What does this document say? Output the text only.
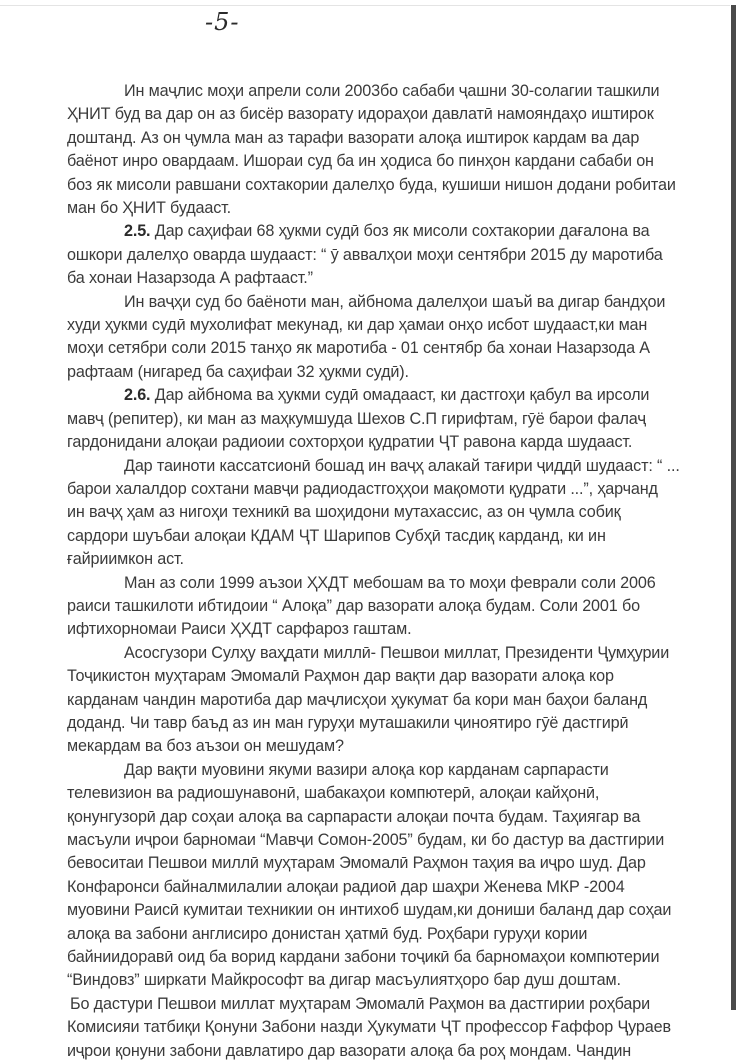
-5-
Ин маҷлис моҳи апрели соли 2003бо сабаби ҷашни 30-солагии ташкили
ҲНИТ буд ва дар он аз бисёр вазорату идораҳои давлатӣ намояндаҳо иштирок
доштанд. Аз он ҷумла ман аз тарафи вазорати алоқа иштирок кардам ва дар
баёнот инро овардаам. Ишораи суд ба ин ҳодиса бо пинҳон кардани сабаби он
боз як мисоли равшани сохтакории далелҳо буда, кушиши нишон додани робитаи
ман бо ҲНИТ будааст.
2.5. Дар саҳифаи 68 ҳукми судӣ боз як мисоли сохтакории дағалона ва
ошкори далелҳо оварда шудааст: “ ӯ аввалҳои моҳи сентябри 2015 ду маротиба
ба хонаи Назарзода А рафтааст.”
Ин ваҷҳи суд бо баёноти ман, айбнома далелҳои шаъй ва дигар бандҳои
худи ҳукми судӣ мухолифат мекунад, ки дар ҳамаи онҳо исбот шудааст,ки ман
моҳи сетябри соли 2015 танҳо як маротиба - 01 сентябр ба хонаи Назарзода А
рафтаам (нигаред ба саҳифаи 32 ҳукми судӣ).
2.6. Дар айбнома ва ҳукми судӣ омадааст, ки дастгоҳи қабул ва ирсоли
мавҷ (репитер), ки ман аз маҳкумшуда Шехов С.П гирифтам, гӯё барои фалаҷ
гардонидани алоқаи радиоии сохторҳои қудратии ҶТ равона карда шудааст.
Дар таиноти кассатсионӣ бошад ин ваҷҳ алакай тағири ҷиддӣ шудааст: “ ...
барои халалдор сохтани мавҷи радиодастгоҳҳои мақомоти қудрати ...”, ҳарчанд
ин ваҷҳ ҳам аз нигоҳи техникӣ ва шоҳидони мутахассис, аз он ҷумла собиқ
сардори шуъбаи алоқаи КДАМ ҶТ Шарипов Субҳӣ тасдиқ карданд, ки ин
ғайриимкон аст.
Ман аз соли 1999 аъзои ҲХДТ мебошам ва то моҳи феврали соли 2006
раиси ташкилоти ибтидоии “ Алоқа” дар вазорати алоқа будам. Соли 2001 бо
ифтихорномаи Раиси ҲХДТ сарфароз гаштам.
Асосгузори Сулҳу ваҳдати миллӣ- Пешвои миллат, Президенти Ҷумҳурии
Тоҷикистон муҳтарам Эмомалӣ Раҳмон дар вақти дар вазорати алоқа кор
карданам чандин маротиба дар маҷлисҳои ҳукумат ба кори ман баҳои баланд
доданд. Чи тавр баъд аз ин ман гуруҳи муташакили ҷиноятиро гӯё дастгирӣ
мекардам ва боз аъзои он мешудам?
Дар вақти муовини якуми вазири алоқа кор карданам сарпарасти
телевизион ва радиошунавонӣ, шабакаҳои компютерӣ, алоқаи кайҳонӣ,
қонунгузорӣ дар соҳаи алоқа ва сарпарасти алоқаи почта будам. Таҳиягар ва
масъули иҷрои барномаи “Мавҷи Сомон-2005” будам, ки бо дастур ва дастгирии
бевоситаи Пешвои миллӣ муҳтарам Эмомалӣ Раҳмон таҳия ва иҷро шуд. Дар
Конфаронси байналмилалии алоқаи радиоӣ дар шаҳри Женева МКР -2004
муовини Раисӣ кумитаи техникии он интихоб шудам,ки дониши баланд дар соҳаи
алоқа ва забони англисиро донистан ҳатмӣ буд. Роҳбари гуруҳи кории
байниидоравӣ оид ба ворид кардани забони тоҷикӣ ба барномаҳои компютерии
“Виндовз” ширкати Майкрософт ва дигар масъулиятҳоро бар душ доштам.
Бо дастури Пешвои миллат муҳтарам Эмомалӣ Раҳмон ва дастгирии роҳбари
Комисияи татбиқи Қонуни Забони назди Ҳукумати ҶТ профессор Ғаффор Ҷураев
иҷрои қонуни забони давлатиро дар вазорати алоқа ба роҳ мондам. Чандин
